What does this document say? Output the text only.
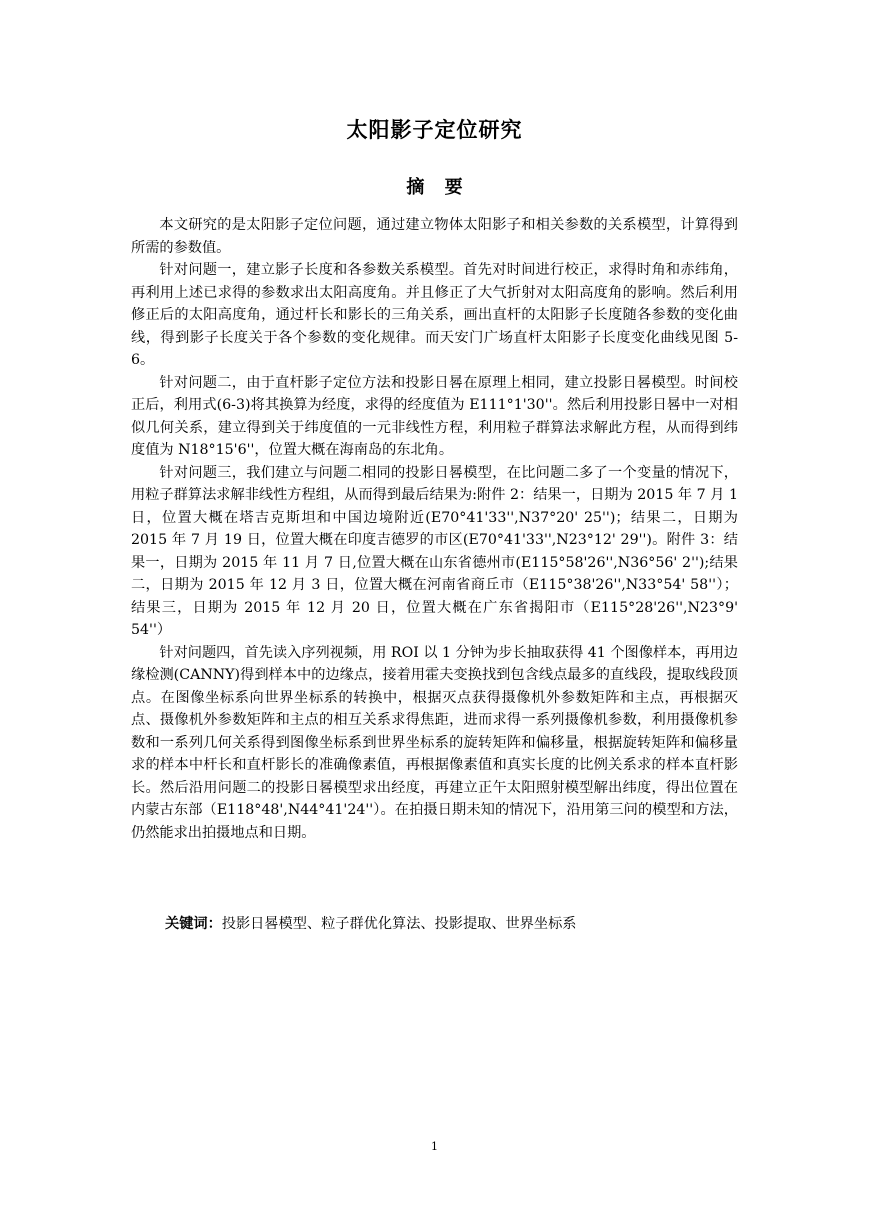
太阳影子定位研究
摘 要

本文研究的是太阳影子定位问题，通过建立物体太阳影子和相关参数的关系模型，计算得到所需的参数值。

针对问题一，建立影子长度和各参数关系模型。首先对时间进行校正，求得时角和赤纬角，再利用上述已求得的参数求出太阳高度角。并且修正了大气折射对太阳高度角的影响。然后利用修正后的太阳高度角，通过杆长和影长的三角关系，画出直杆的太阳影子长度随各参数的变化曲线，得到影子长度关于各个参数的变化规律。而天安门广场直杆太阳影子长度变化曲线见图 5-6。

针对问题二，由于直杆影子定位方法和投影日晷在原理上相同，建立投影日晷模型。时间校正后，利用式(6-3)将其换算为经度，求得的经度值为 E111°1'30''。然后利用投影日晷中一对相似几何关系，建立得到关于纬度值的一元非线性方程，利用粒子群算法求解此方程，从而得到纬度值为 N18°15'6''，位置大概在海南岛的东北角。

针对问题三，我们建立与问题二相同的投影日晷模型，在比问题二多了一个变量的情况下，用粒子群算法求解非线性方程组，从而得到最后结果为:附件 2：结果一，日期为 2015 年 7 月 1 日，位置大概在塔吉克斯坦和中国边境附近(E70°41'33'',N37°20' 25'')；结果二，日期为 2015 年 7 月 19 日，位置大概在印度吉德罗的市区(E70°41'33'',N23°12' 29'')。附件 3：结果一，日期为 2015 年 11 月 7 日,位置大概在山东省德州市(E115°58'26'',N36°56' 2'');结果二，日期为 2015 年 12 月 3 日，位置大概在河南省商丘市（E115°38'26'',N33°54' 58''）；结果三，日期为 2015 年 12 月 20 日，位置大概在广东省揭阳市（E115°28'26'',N23°9' 54''）

针对问题四，首先读入序列视频，用 ROI 以 1 分钟为步长抽取获得 41 个图像样本，再用边缘检测(CANNY)得到样本中的边缘点，接着用霍夫变换找到包含线点最多的直线段，提取线段顶点。在图像坐标系向世界坐标系的转换中，根据灭点获得摄像机外参数矩阵和主点，再根据灭点、摄像机外参数矩阵和主点的相互关系求得焦距，进而求得一系列摄像机参数，利用摄像机参数和一系列几何关系得到图像坐标系到世界坐标系的旋转矩阵和偏移量，根据旋转矩阵和偏移量求的样本中杆长和直杆影长的准确像素值，再根据像素值和真实长度的比例关系求的样本直杆影长。然后沿用问题二的投影日晷模型求出经度，再建立正午太阳照射模型解出纬度，得出位置在内蒙古东部（E118°48',N44°41'24''）。在拍摄日期未知的情况下，沿用第三问的模型和方法，仍然能求出拍摄地点和日期。

关键词：投影日晷模型、粒子群优化算法、投影提取、世界坐标系

1
